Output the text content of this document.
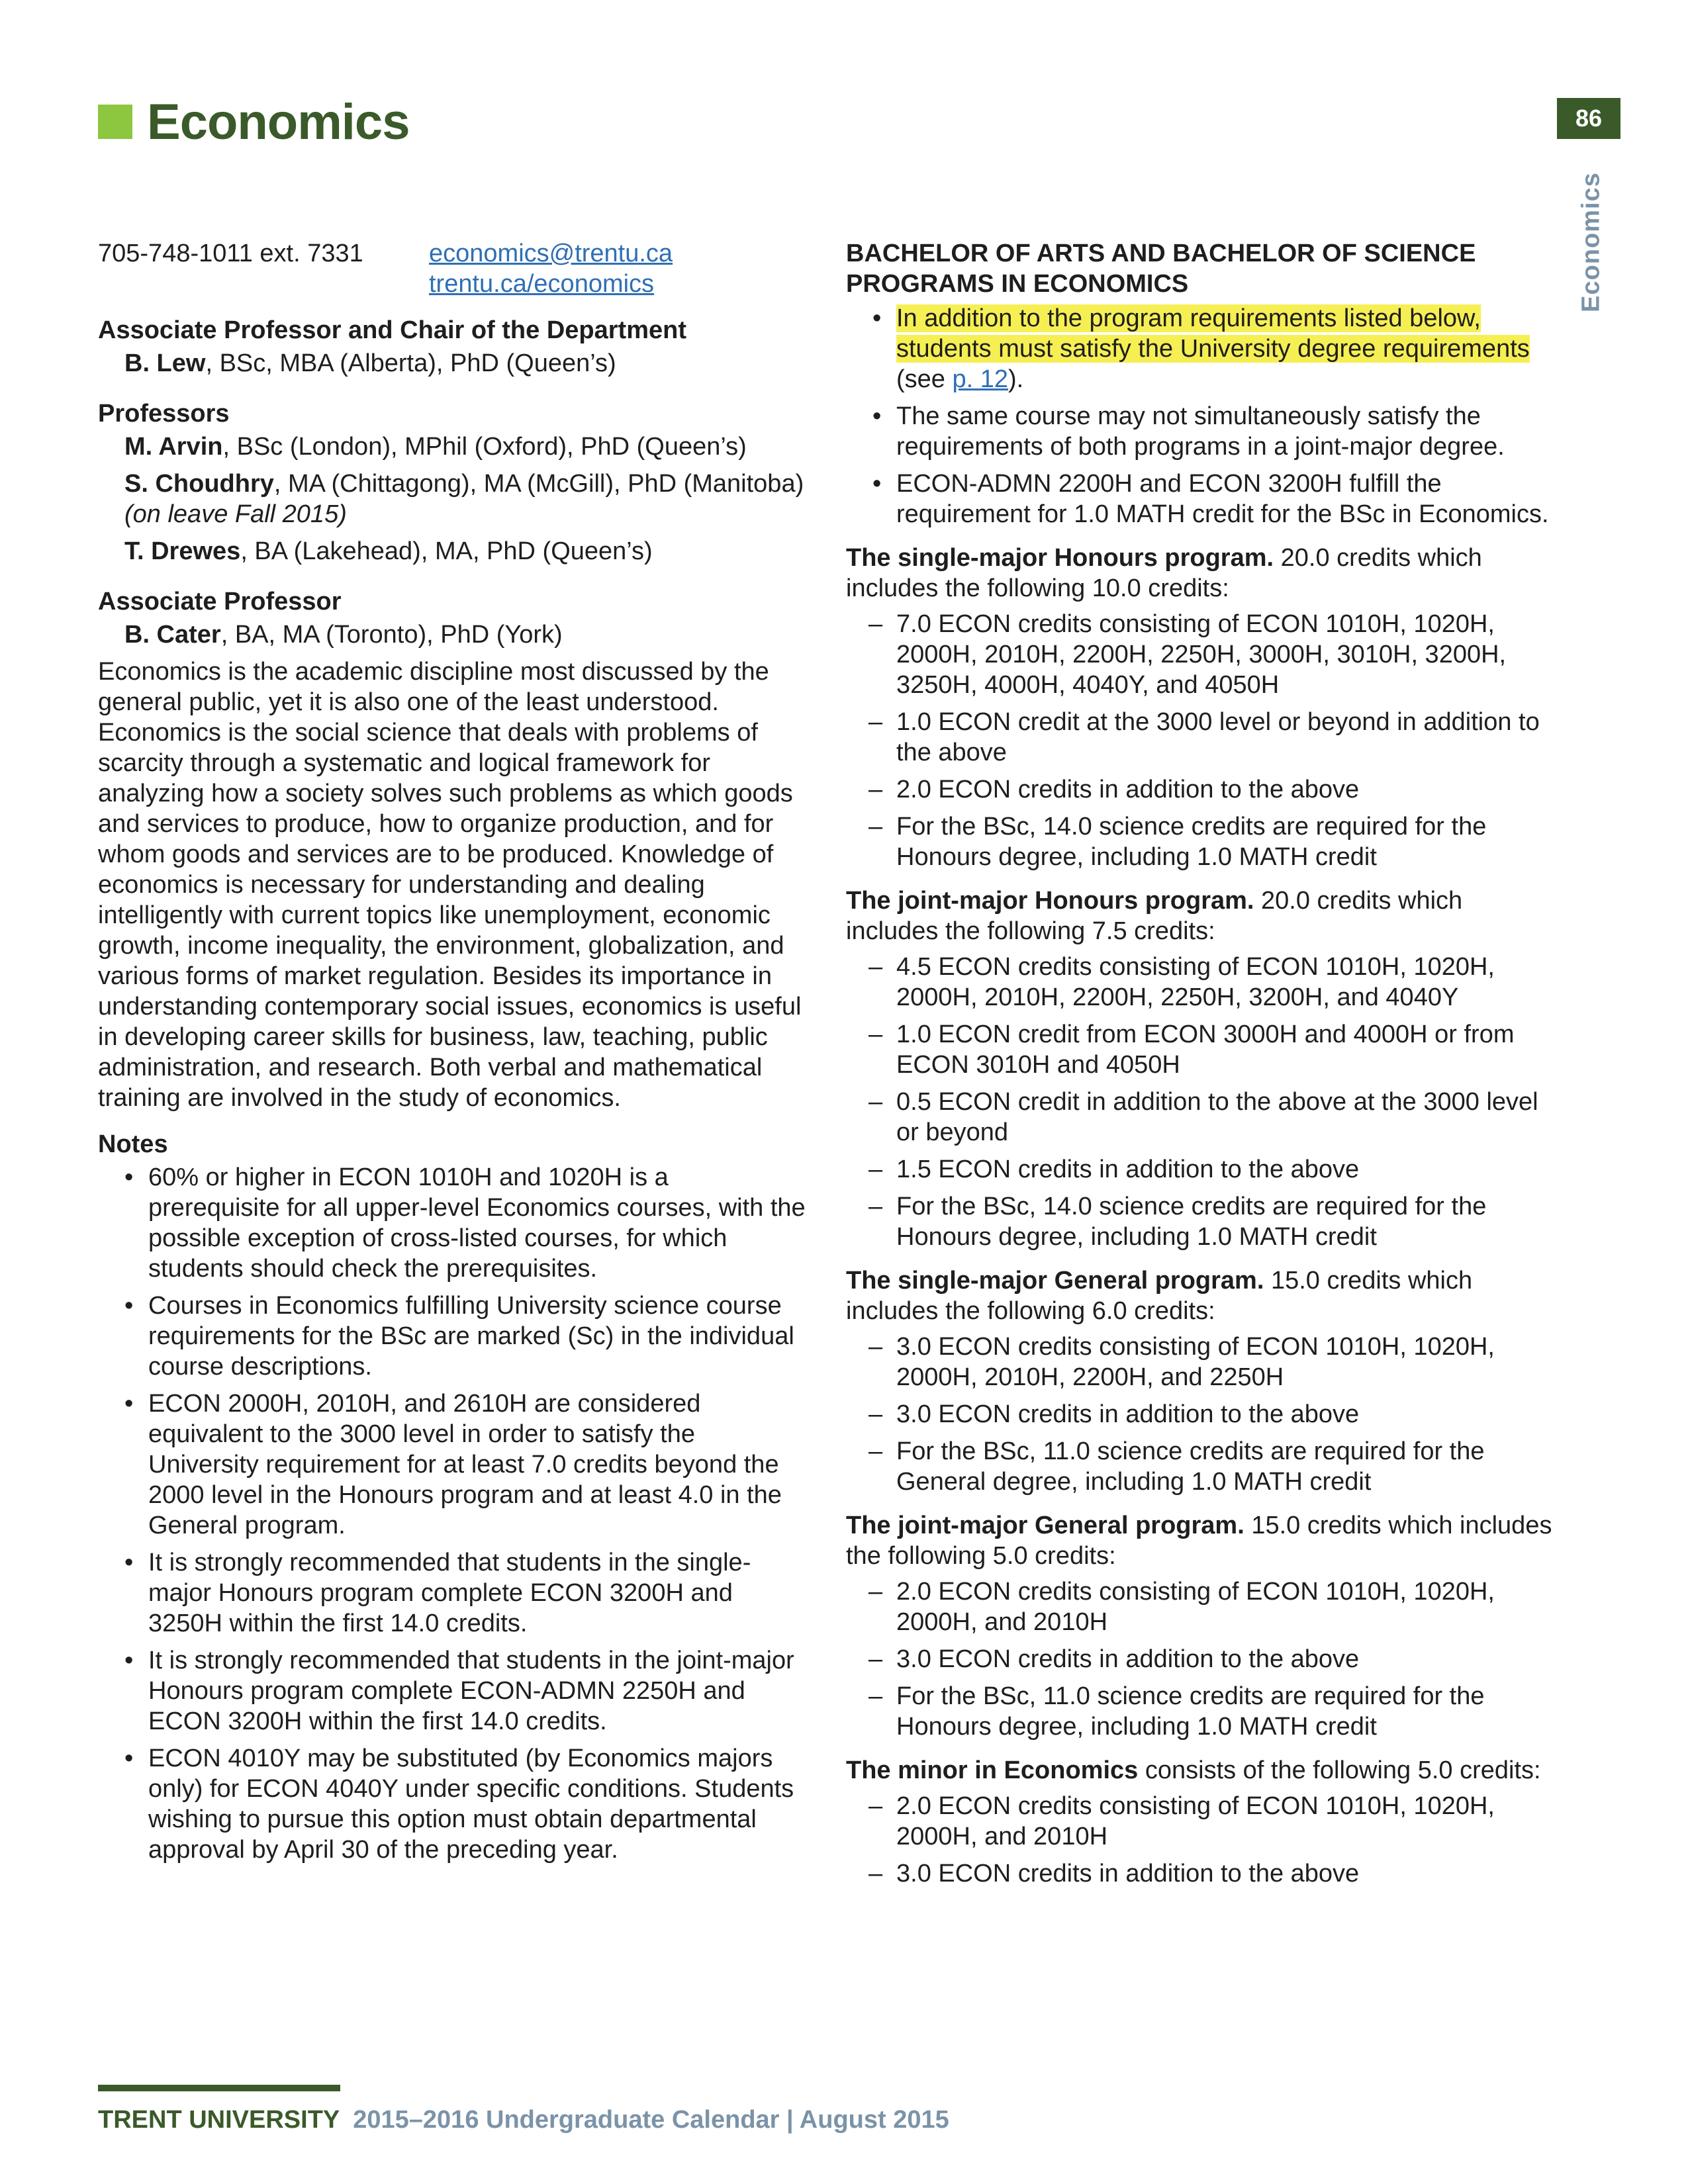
Economics	86
Economics
705-748-1011 ext. 7331	economics@trentu.ca
trentu.ca/economics
Associate Professor and Chair of the Department
B. Lew, BSc, MBA (Alberta), PhD (Queen’s)
Professors
M. Arvin, BSc (London), MPhil (Oxford), PhD (Queen’s)
S. Choudhry, MA (Chittagong), MA (McGill), PhD (Manitoba) (on leave Fall 2015)
T. Drewes, BA (Lakehead), MA, PhD (Queen’s)
Associate Professor
B. Cater, BA, MA (Toronto), PhD (York)

Economics is the academic discipline most discussed by the general public, yet it is also one of the least understood. Economics is the social science that deals with problems of scarcity through a systematic and logical framework for analyzing how a society solves such problems as which goods and services to produce, how to organize production, and for whom goods and services are to be produced. Knowledge of economics is necessary for understanding and dealing intelligently with current topics like unemployment, economic growth, income inequality, the environment, globalization, and various forms of market regulation. Besides its importance in understanding contemporary social issues, economics is useful in developing career skills for business, law, teaching, public administration, and research. Both verbal and mathematical training are involved in the study of economics.

Notes
• 60% or higher in ECON 1010H and 1020H is a prerequisite for all upper-level Economics courses, with the possible exception of cross-listed courses, for which students should check the prerequisites.
• Courses in Economics fulfilling University science course requirements for the BSc are marked (Sc) in the individual course descriptions.
• ECON 2000H, 2010H, and 2610H are considered equivalent to the 3000 level in order to satisfy the University requirement for at least 7.0 credits beyond the 2000 level in the Honours program and at least 4.0 in the General program.
• It is strongly recommended that students in the single-major Honours program complete ECON 3200H and 3250H within the first 14.0 credits.
• It is strongly recommended that students in the joint-major Honours program complete ECON-ADMN 2250H and ECON 3200H within the first 14.0 credits.
• ECON 4010Y may be substituted (by Economics majors only) for ECON 4040Y under specific conditions. Students wishing to pursue this option must obtain departmental approval by April 30 of the preceding year.
BACHELOR OF ARTS AND BACHELOR OF SCIENCE PROGRAMS IN ECONOMICS
• In addition to the program requirements listed below, students must satisfy the University degree requirements (see p. 12).
• The same course may not simultaneously satisfy the requirements of both programs in a joint-major degree.
• ECON-ADMN 2200H and ECON 3200H fulfill the requirement for 1.0 MATH credit for the BSc in Economics.
The single-major Honours program. 20.0 credits which includes the following 10.0 credits:
– 7.0 ECON credits consisting of ECON 1010H, 1020H, 2000H, 2010H, 2200H, 2250H, 3000H, 3010H, 3200H, 3250H, 4000H, 4040Y, and 4050H
– 1.0 ECON credit at the 3000 level or beyond in addition to the above
– 2.0 ECON credits in addition to the above
– For the BSc, 14.0 science credits are required for the Honours degree, including 1.0 MATH credit
The joint-major Honours program. 20.0 credits which includes the following 7.5 credits:
– 4.5 ECON credits consisting of ECON 1010H, 1020H, 2000H, 2010H, 2200H, 2250H, 3200H, and 4040Y
– 1.0 ECON credit from ECON 3000H and 4000H or from ECON 3010H and 4050H
– 0.5 ECON credit in addition to the above at the 3000 level or beyond
– 1.5 ECON credits in addition to the above
– For the BSc, 14.0 science credits are required for the Honours degree, including 1.0 MATH credit
The single-major General program. 15.0 credits which includes the following 6.0 credits:
– 3.0 ECON credits consisting of ECON 1010H, 1020H, 2000H, 2010H, 2200H, and 2250H
– 3.0 ECON credits in addition to the above
– For the BSc, 11.0 science credits are required for the General degree, including 1.0 MATH credit
The joint-major General program. 15.0 credits which includes the following 5.0 credits:
– 2.0 ECON credits consisting of ECON 1010H, 1020H, 2000H, and 2010H
– 3.0 ECON credits in addition to the above
– For the BSc, 11.0 science credits are required for the Honours degree, including 1.0 MATH credit
The minor in Economics consists of the following 5.0 credits:
– 2.0 ECON credits consisting of ECON 1010H, 1020H, 2000H, and 2010H
– 3.0 ECON credits in addition to the above
TRENT UNIVERSITY 2015–2016 Undergraduate Calendar | August 2015
